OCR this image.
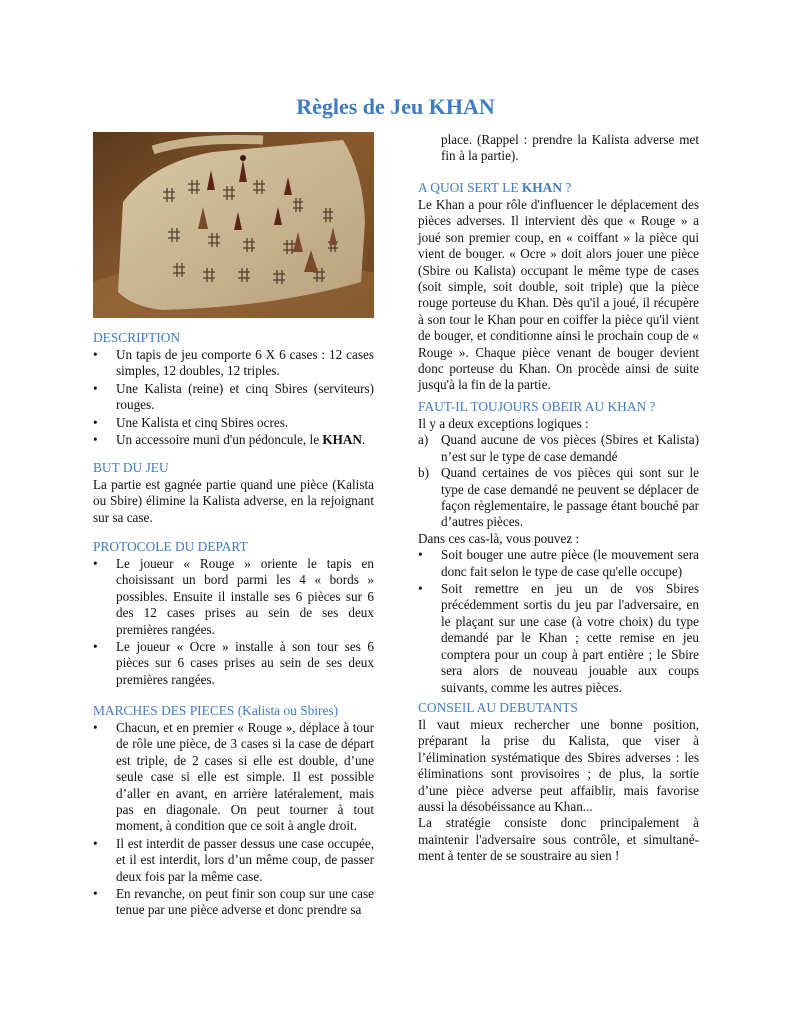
Règles de Jeu KHAN
DESCRIPTION
• Un tapis de jeu comporte 6 X 6 cases : 12 cases simples, 12 doubles, 12 triples.
• Une Kalista (reine) et cinq Sbires (serviteurs) rouges.
• Une Kalista et cinq Sbires ocres.
• Un accessoire muni d'un pédoncule, le KHAN.
BUT DU JEU

La partie est gagnée partie quand une pièce (Kalista ou Sbire) élimine la Kalista adverse, en la rejoignant sur sa case.

PROTOCOLE DU DEPART
• Le joueur « Rouge » oriente le tapis en choisissant un bord parmi les 4 « bords » possibles. Ensuite il installe ses 6 pièces sur 6 des 12 cases prises au sein de ses deux premières rangées.
• Le joueur « Ocre » installe à son tour ses 6 pièces sur 6 cases prises au sein de ses deux premières rangées.
MARCHES DES PIECES (Kalista ou Sbires)
• Chacun, et en premier « Rouge », déplace à tour de rôle une pièce, de 3 cases si la case de départ est triple, de 2 cases si elle est double, d’une seule case si elle est simple. Il est possible d’aller en avant, en arrière latéralement, mais pas en diagonale. On peut tourner à tout moment, à condition que ce soit à angle droit.
• Il est interdit de passer dessus une case occupée, et il est interdit, lors d’un même coup, de passer deux fois par la même case.
• En revanche, on peut finir son coup sur une case tenue par une pièce adverse et donc prendre sa

place. (Rappel : prendre la Kalista adverse met fin à la partie).

A QUOI SERT LE KHAN ?

Le Khan a pour rôle d'influencer le déplacement des pièces adverses. Il intervient dès que « Rouge » a joué son premier coup, en « coiffant » la pièce qui vient de bouger. « Ocre » doit alors jouer une pièce (Sbire ou Kalista) occupant le même type de cases (soit simple, soit double, soit triple) que la pièce rouge porteuse du Khan. Dès qu'il a joué, il récupère à son tour le Khan pour en coiffer la pièce qu'il vient de bouger, et conditionne ainsi le prochain coup de « Rouge ». Chaque pièce venant de bouger devient donc porteuse du Khan. On procède ainsi de suite jusqu'à la fin de la partie.

FAUT-IL TOUJOURS OBEIR AU KHAN ?

Il y a deux exceptions logiques :

a) Quand aucune de vos pièces (Sbires et Kalista) n’est sur le type de case demandé
b) Quand certaines de vos pièces qui sont sur le type de case demandé ne peuvent se déplacer de façon règlementaire, le passage étant bouché par d’autres pièces.

Dans ces cas-là, vous pouvez :

• Soit bouger une autre pièce (le mouvement sera donc fait selon le type de case qu'elle occupe)
• Soit remettre en jeu un de vos Sbires précédemment sortis du jeu par l'adversaire, en le plaçant sur une case (à votre choix) du type demandé par le Khan ; cette remise en jeu comptera pour un coup à part entière ; le Sbire sera alors de nouveau jouable aux coups suivants, comme les autres pièces.
CONSEIL AU DEBUTANTS

Il vaut mieux rechercher une bonne position, préparant la prise du Kalista, que viser à l’élimination systématique des Sbires adverses : les éliminations sont provisoires ; de plus, la sortie d’une pièce adverse peut affaiblir, mais favorise aussi la désobéissance au Khan...

La stratégie consiste donc principalement à maintenir l'adversaire sous contrôle, et simultané-ment à tenter de se soustraire au sien !
